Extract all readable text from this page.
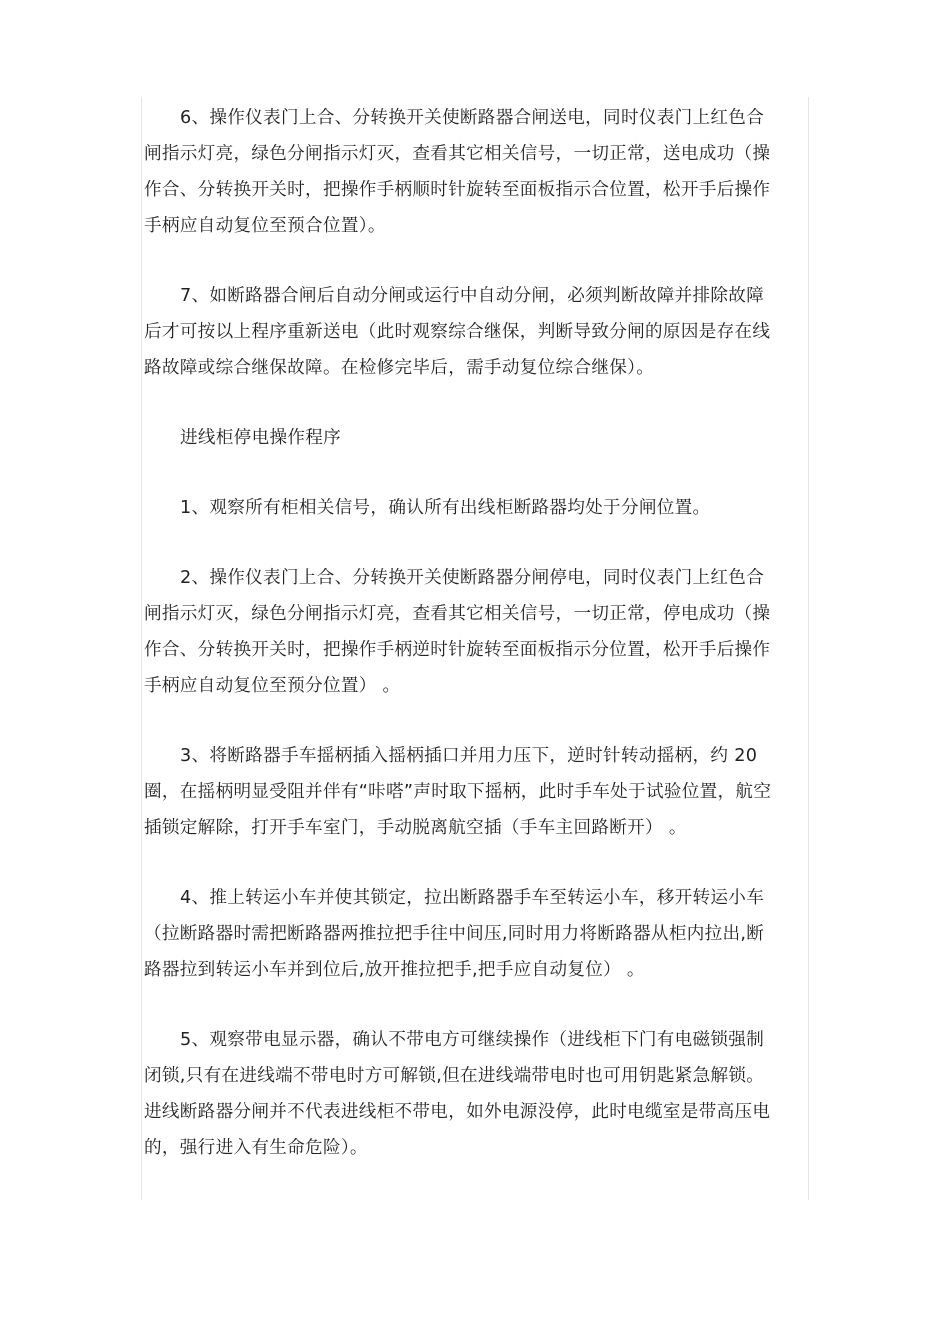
6、操作仪表门上合、分转换开关使断路器合闸送电，同时仪表门上红色合
闸指示灯亮，绿色分闸指示灯灭，查看其它相关信号，一切正常，送电成功（操
作合、分转换开关时，把操作手柄顺时针旋转至面板指示合位置，松开手后操作
手柄应自动复位至预合位置）。

7、如断路器合闸后自动分闸或运行中自动分闸，必须判断故障并排除故障
后才可按以上程序重新送电（此时观察综合继保，判断导致分闸的原因是存在线
路故障或综合继保故障。在检修完毕后，需手动复位综合继保）。

进线柜停电操作程序

1、观察所有柜相关信号，确认所有出线柜断路器均处于分闸位置。

2、操作仪表门上合、分转换开关使断路器分闸停电，同时仪表门上红色合
闸指示灯灭，绿色分闸指示灯亮，查看其它相关信号，一切正常，停电成功（操
作合、分转换开关时，把操作手柄逆时针旋转至面板指示分位置，松开手后操作
手柄应自动复位至预分位置） 。

3、将断路器手车摇柄插入摇柄插口并用力压下，逆时针转动摇柄，约 20
圈，在摇柄明显受阻并伴有“咔嗒”声时取下摇柄，此时手车处于试验位置，航空
插锁定解除，打开手车室门，手动脱离航空插（手车主回路断开） 。

4、推上转运小车并使其锁定，拉出断路器手车至转运小车，移开转运小车
（拉断路器时需把断路器两推拉把手往中间压,同时用力将断路器从柜内拉出,断
路器拉到转运小车并到位后,放开推拉把手,把手应自动复位） 。

5、观察带电显示器，确认不带电方可继续操作（进线柜下门有电磁锁强制
闭锁,只有在进线端不带电时方可解锁,但在进线端带电时也可用钥匙紧急解锁。
进线断路器分闸并不代表进线柜不带电，如外电源没停，此时电缆室是带高压电
的，强行进入有生命危险）。
